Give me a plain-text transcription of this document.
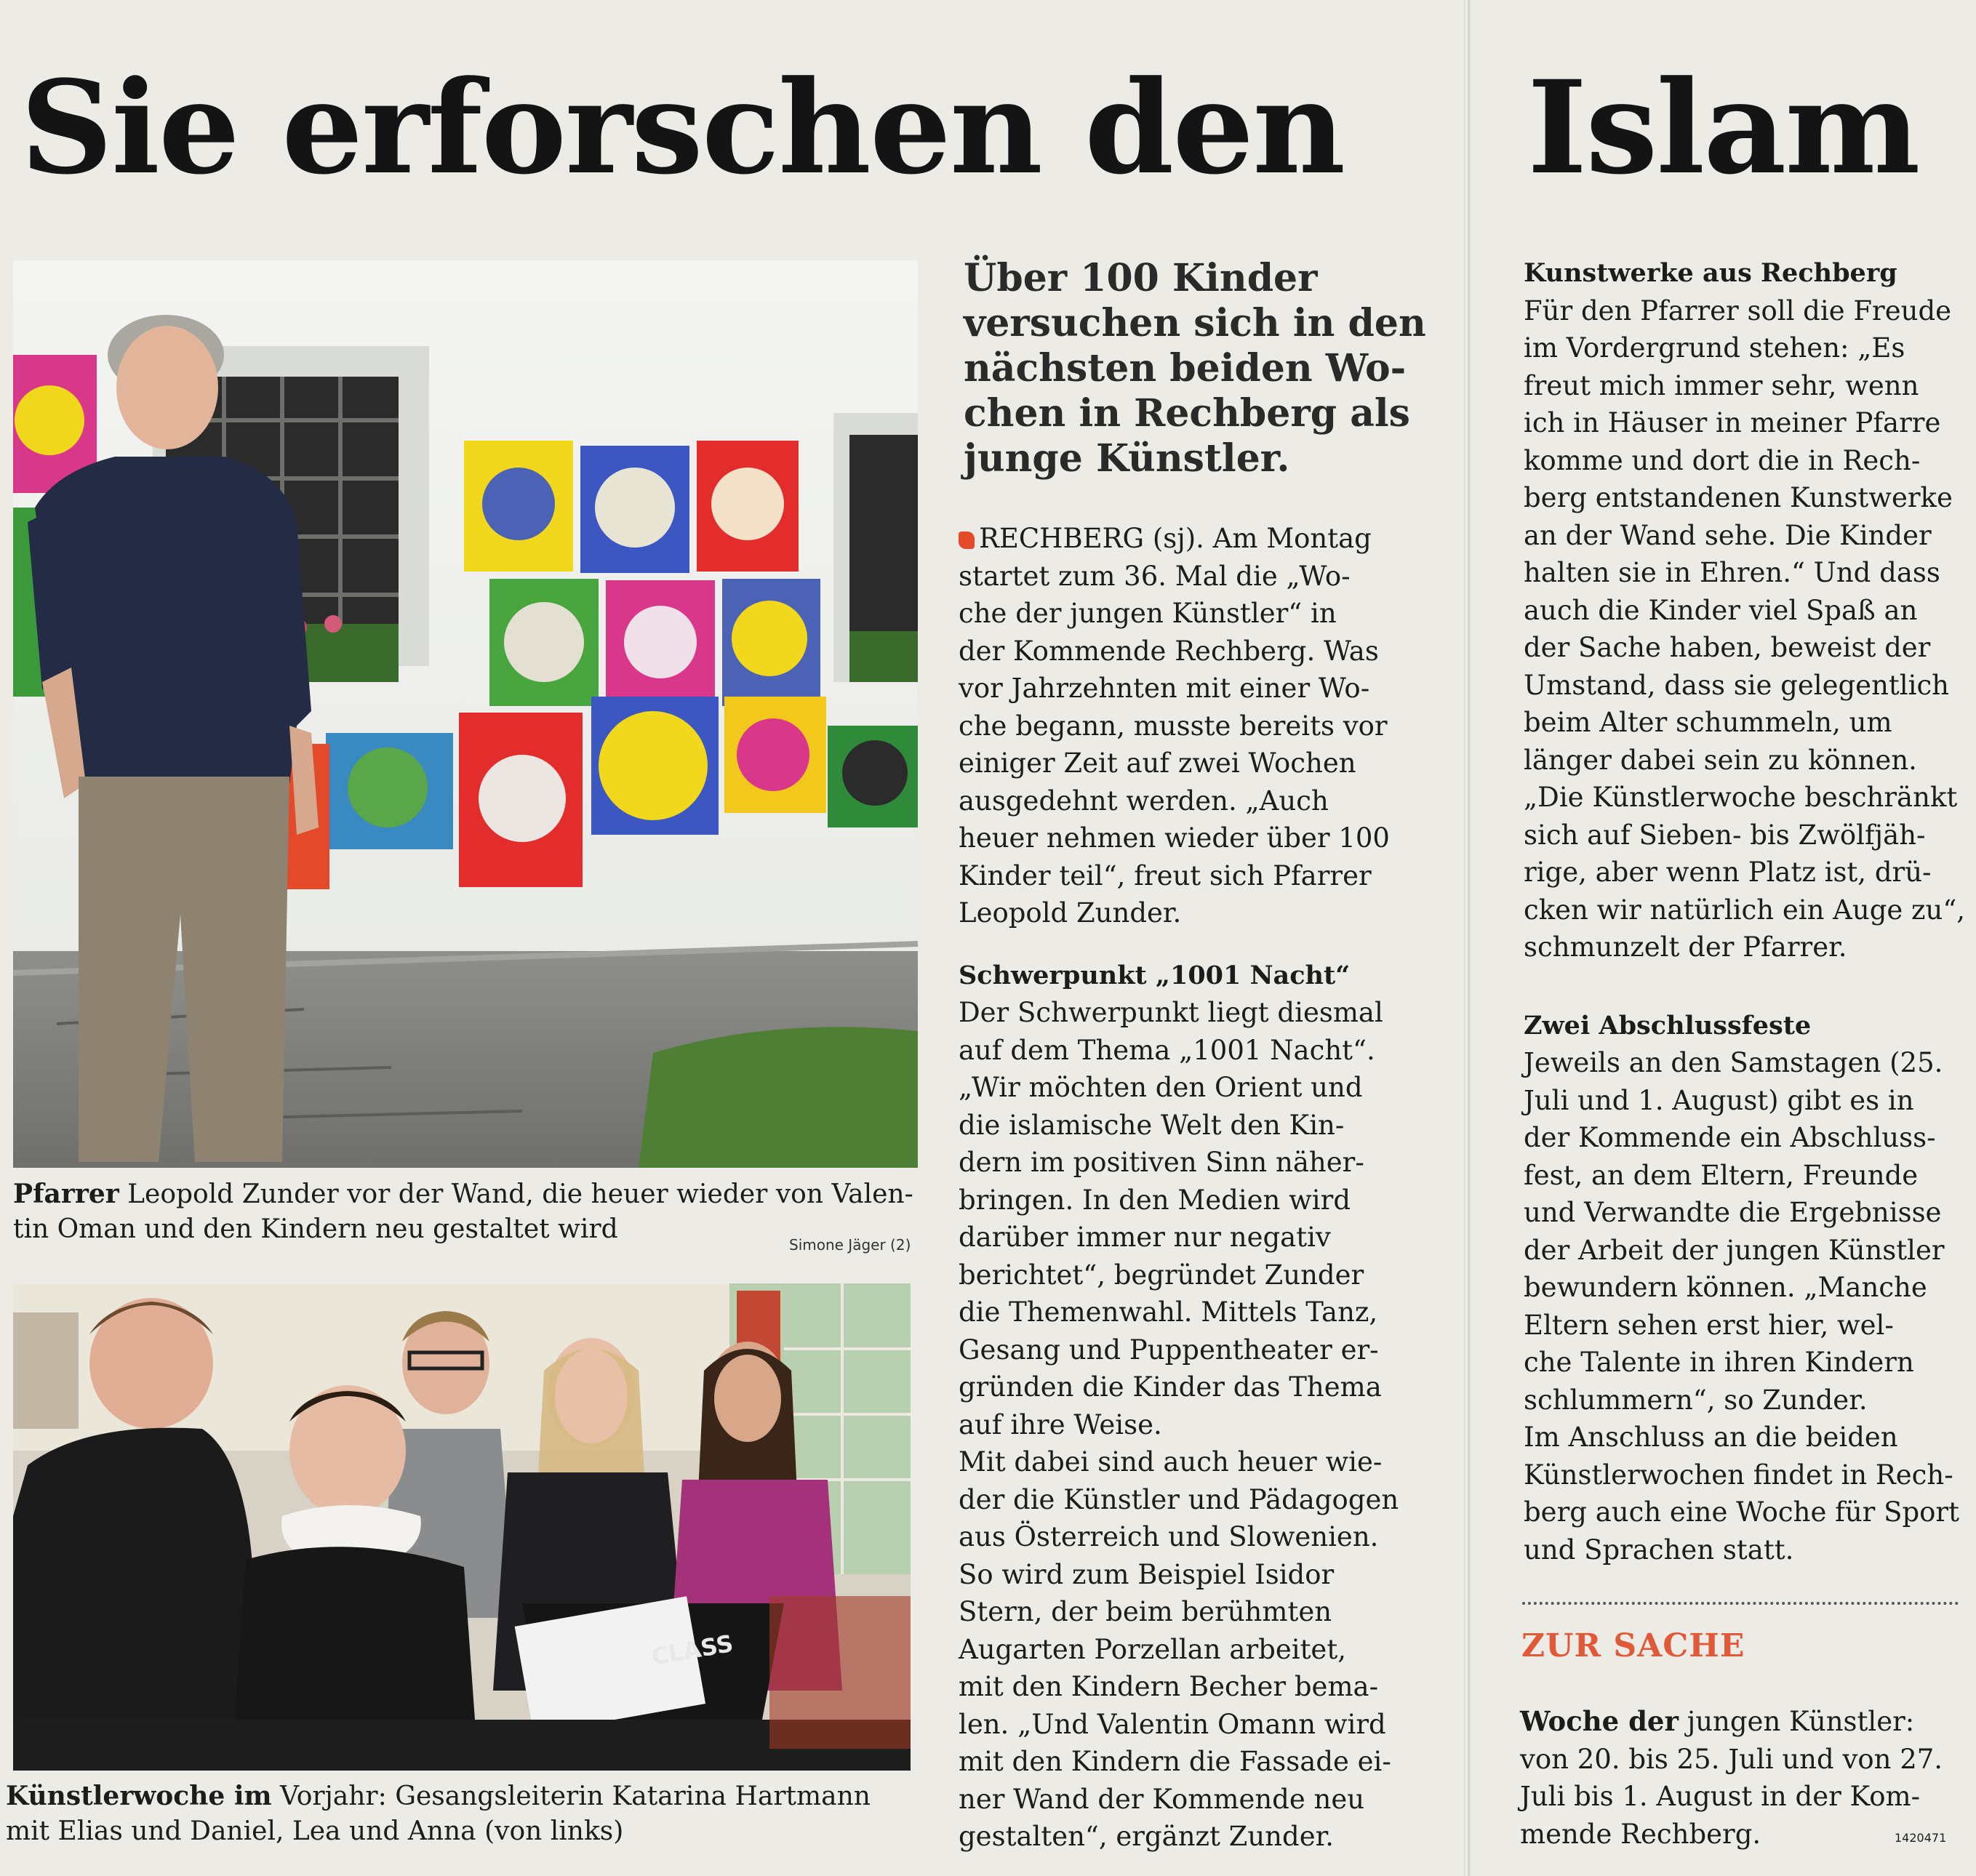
Sie erforschen den Islam
Pfarrer Leopold Zunder vor der Wand, die heuer wieder von Valen-
tin Oman und den Kindern neu gestaltet wird
Simone Jäger (2)
CLASS
Künstlerwoche im Vorjahr: Gesangsleiterin Katarina Hartmann
mit Elias und Daniel, Lea und Anna (von links)
Über 100 Kinder
versuchen sich in den
nächsten beiden Wo-
chen in Rechberg als
junge Künstler.

RECHBERG (sj). Am Montag

startet zum 36. Mal die „Wo-

che der jungen Künstler“ in

der Kommende Rechberg. Was

vor Jahrzehnten mit einer Wo-

che begann, musste bereits vor

einiger Zeit auf zwei Wochen

ausgedehnt werden. „Auch

heuer nehmen wieder über 100

Kinder teil“, freut sich Pfarrer

Leopold Zunder.

Schwerpunkt „1001 Nacht“

Der Schwerpunkt liegt diesmal

auf dem Thema „1001 Nacht“.

„Wir möchten den Orient und

die islamische Welt den Kin-

dern im positiven Sinn näher-

bringen. In den Medien wird

darüber immer nur negativ

berichtet“, begründet Zunder

die Themenwahl. Mittels Tanz,

Gesang und Puppentheater er-

gründen die Kinder das Thema

auf ihre Weise.

Mit dabei sind auch heuer wie-

der die Künstler und Pädagogen

aus Österreich und Slowenien.

So wird zum Beispiel Isidor

Stern, der beim berühmten

Augarten Porzellan arbeitet,

mit den Kindern Becher bema-

len. „Und Valentin Omann wird

mit den Kindern die Fassade ei-

ner Wand der Kommende neu

gestalten“, ergänzt Zunder.

Kunstwerke aus Rechberg

Für den Pfarrer soll die Freude

im Vordergrund stehen: „Es

freut mich immer sehr, wenn

ich in Häuser in meiner Pfarre

komme und dort die in Rech-

berg entstandenen Kunstwerke

an der Wand sehe. Die Kinder

halten sie in Ehren.“ Und dass

auch die Kinder viel Spaß an

der Sache haben, beweist der

Umstand, dass sie gelegentlich

beim Alter schummeln, um

länger dabei sein zu können.

„Die Künstlerwoche beschränkt

sich auf Sieben- bis Zwölfjäh-

rige, aber wenn Platz ist, drü-

cken wir natürlich ein Auge zu“,

schmunzelt der Pfarrer.

Zwei Abschlussfeste

Jeweils an den Samstagen (25.

Juli und 1. August) gibt es in

der Kommende ein Abschluss-

fest, an dem Eltern, Freunde

und Verwandte die Ergebnisse

der Arbeit der jungen Künstler

bewundern können. „Manche

Eltern sehen erst hier, wel-

che Talente in ihren Kindern

schlummern“, so Zunder.

Im Anschluss an die beiden

Künstlerwochen findet in Rech-

berg auch eine Woche für Sport

und Sprachen statt.

ZUR SACHE

Woche der jungen Künstler:

von 20. bis 25. Juli und von 27.

Juli bis 1. August in der Kom-

mende Rechberg.	1420471
